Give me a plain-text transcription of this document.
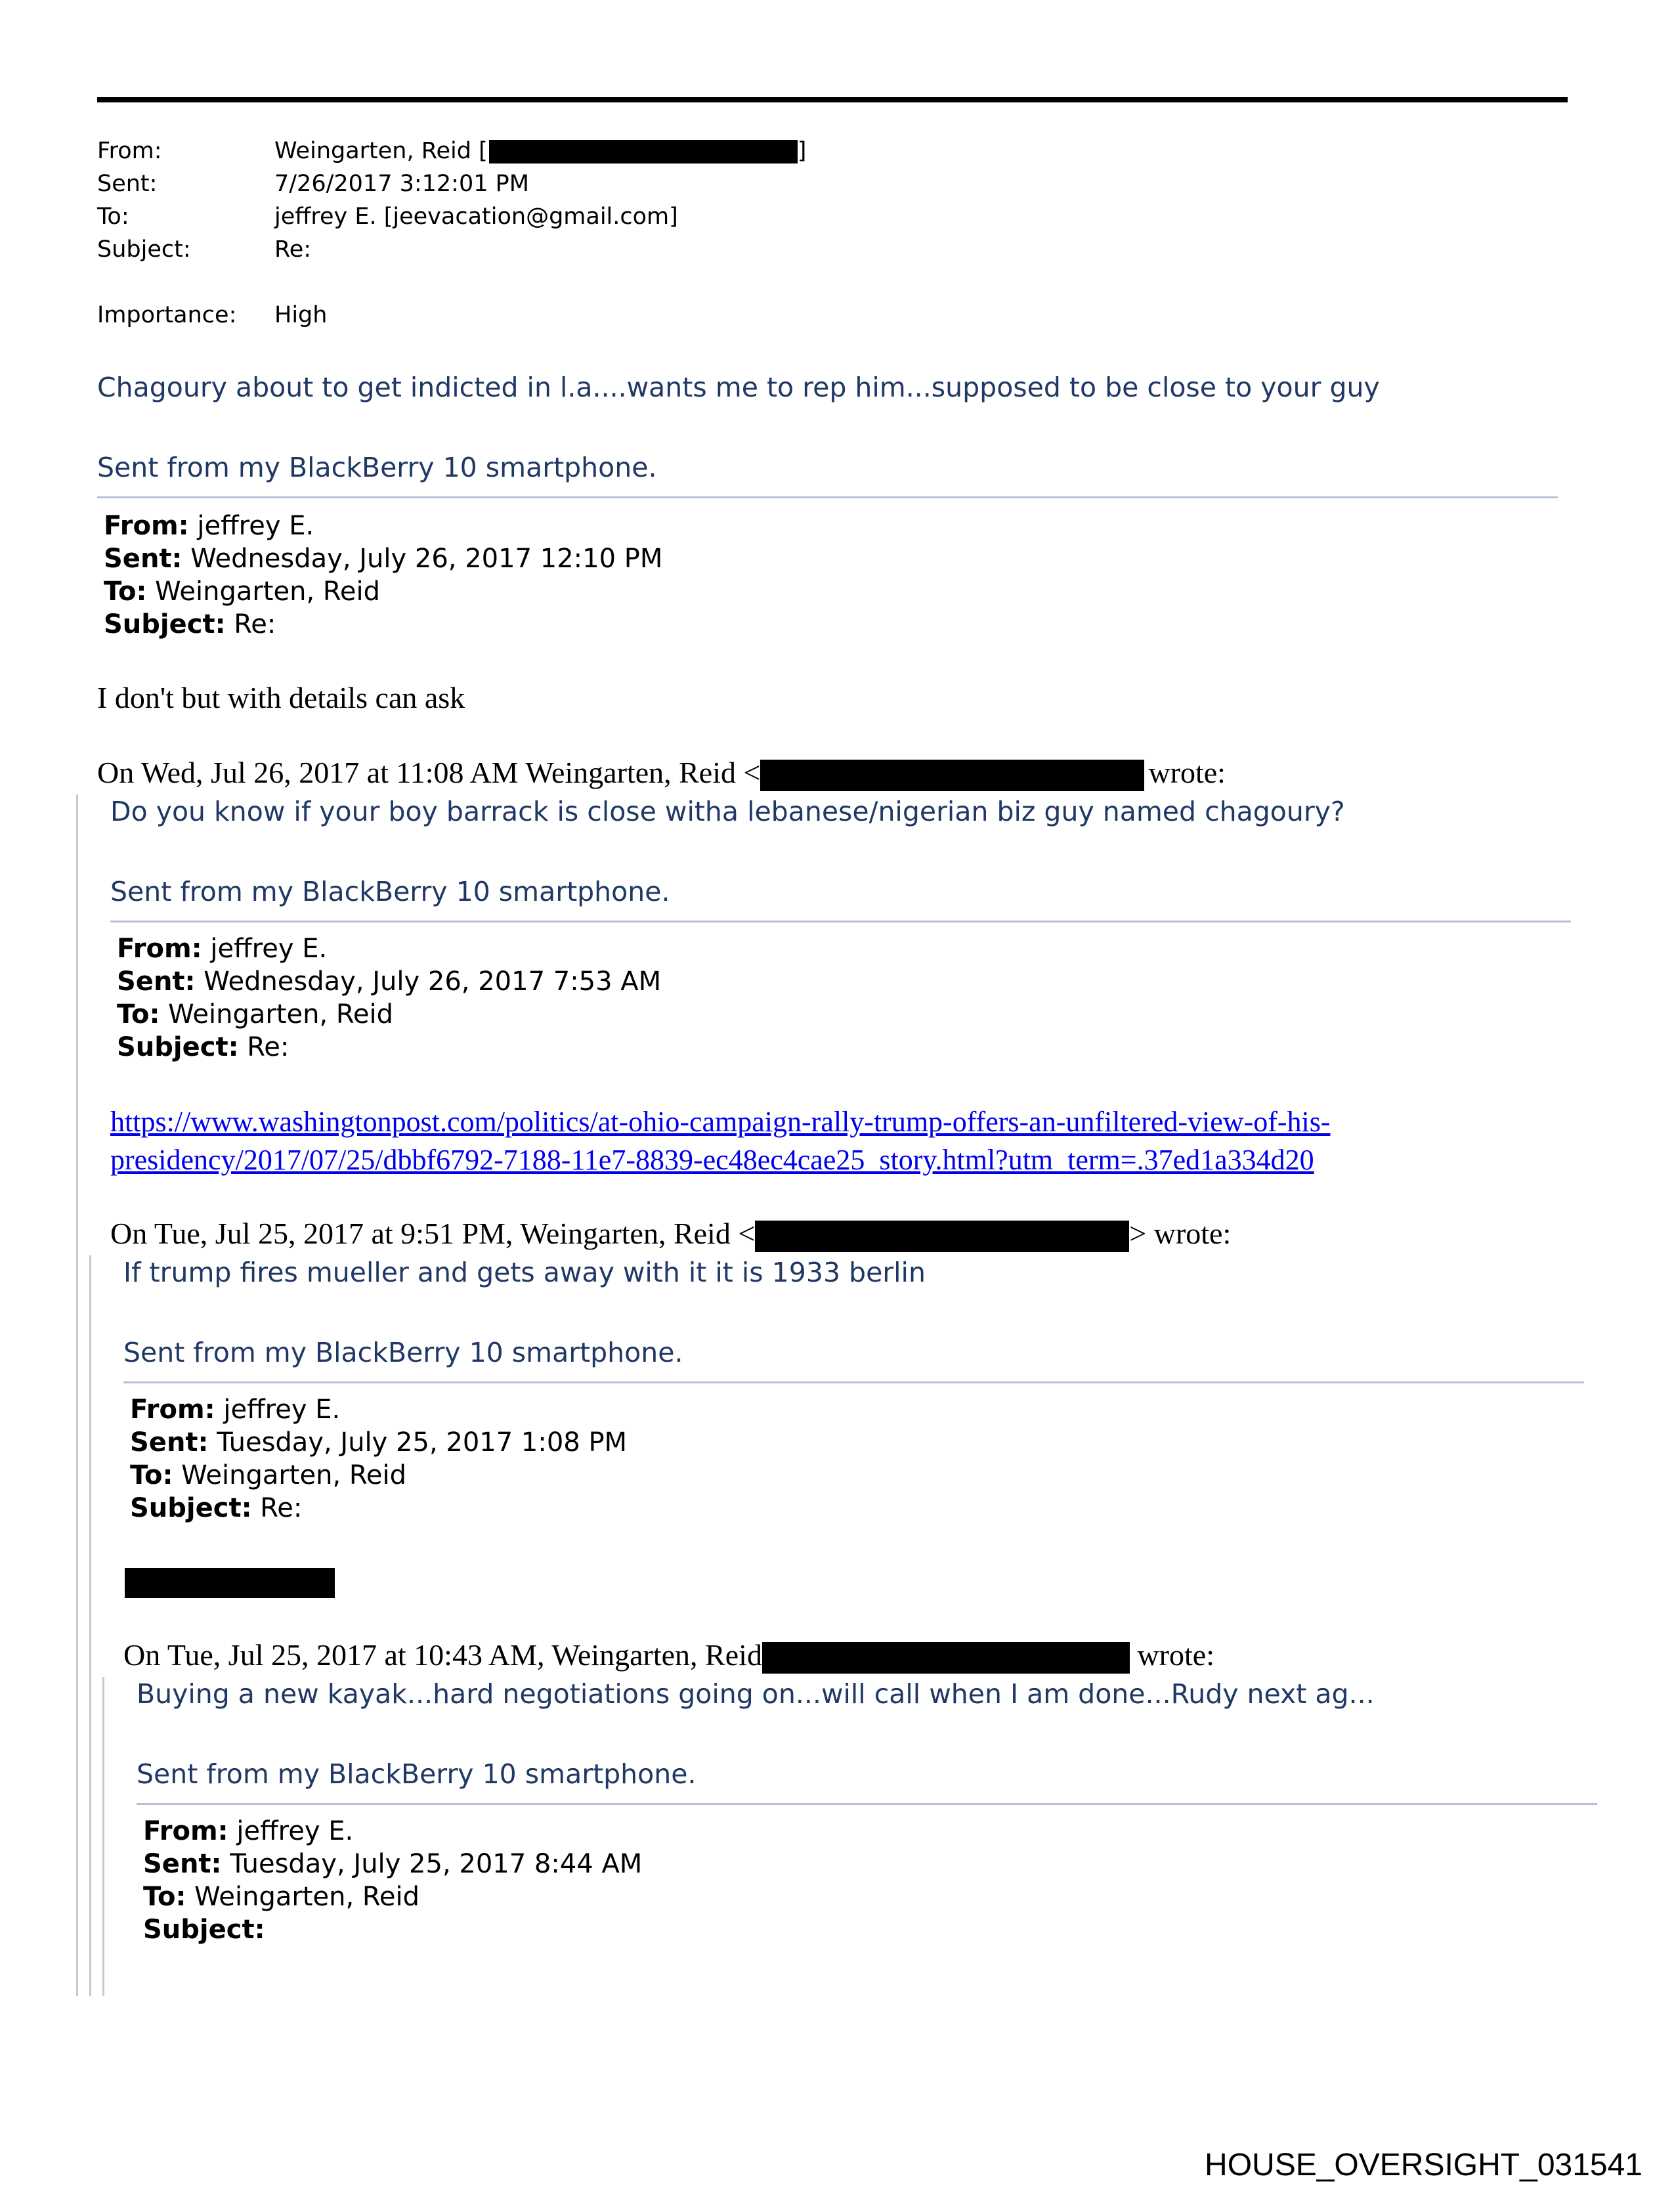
From:	Weingarten, Reid [	]
Sent:	7/26/2017 3:12:01 PM
To:	jeffrey E. [jeevacation@gmail.com]
Subject:	Re:
Importance: High
Chagoury about to get indicted in l.a....wants me to rep him...supposed to be close to your guy
Sent from my BlackBerry 10 smartphone.
From: jeffrey E.
Sent: Wednesday, July 26, 2017 12:10 PM
To: Weingarten, Reid
Subject: Re:
I don't but with details can ask
On Wed, Jul 26, 2017 at 11:08 AM Weingarten, Reid <	wrote:
Do you know if your boy barrack is close witha lebanese/nigerian biz guy named chagoury?
Sent from my BlackBerry 10 smartphone.
From: jeffrey E.
Sent: Wednesday, July 26, 2017 7:53 AM
To: Weingarten, Reid
Subject: Re:
https://www.washingtonpost.com/politics/at-ohio-campaign-rally-trump-offers-an-unfiltered-view-of-his-
presidency/2017/07/25/dbbf6792-7188-11e7-8839-ec48ec4cae25_story.html?utm_term=.37ed1a334d20
On Tue, Jul 25, 2017 at 9:51 PM, Weingarten, Reid <	> wrote:
If trump fires mueller and gets away with it it is 1933 berlin
Sent from my BlackBerry 10 smartphone.
From: jeffrey E.
Sent: Tuesday, July 25, 2017 1:08 PM
To: Weingarten, Reid
Subject: Re:
On Tue, Jul 25, 2017 at 10:43 AM, Weingarten, Reid	wrote:
Buying a new kayak...hard negotiations going on...will call when I am done...Rudy next ag...
Sent from my BlackBerry 10 smartphone.
From: jeffrey E.
Sent: Tuesday, July 25, 2017 8:44 AM
To: Weingarten, Reid
Subject:
HOUSE_OVERSIGHT_031541
